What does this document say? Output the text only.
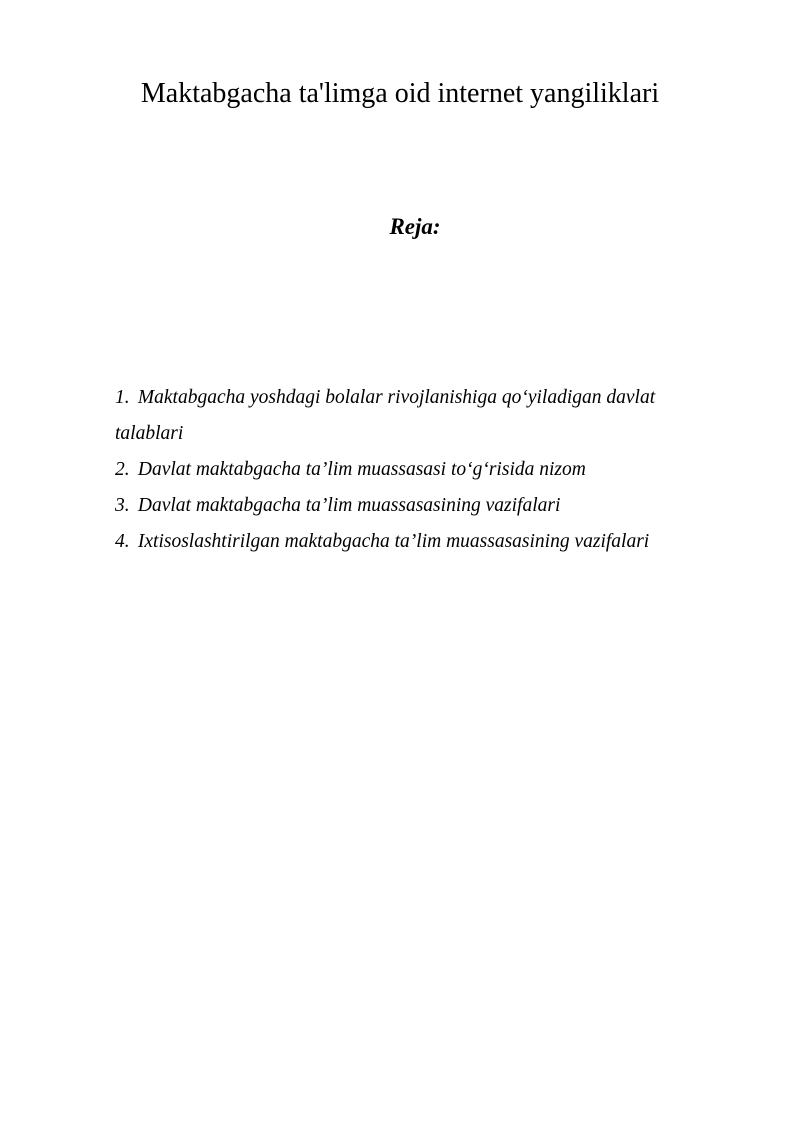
Maktabgacha ta'limga oid internet yangiliklari
Reja:
1. Maktabgacha yoshdagi bolalar rivojlanishiga qo‘yiladigan davlat talablari
2. Davlat maktabgacha ta’lim muassasasi to‘g‘risida nizom
3. Davlat maktabgacha ta’lim muassasasining vazifalari
4. Ixtisoslashtirilgan maktabgacha ta’lim muassasasining vazifalari
